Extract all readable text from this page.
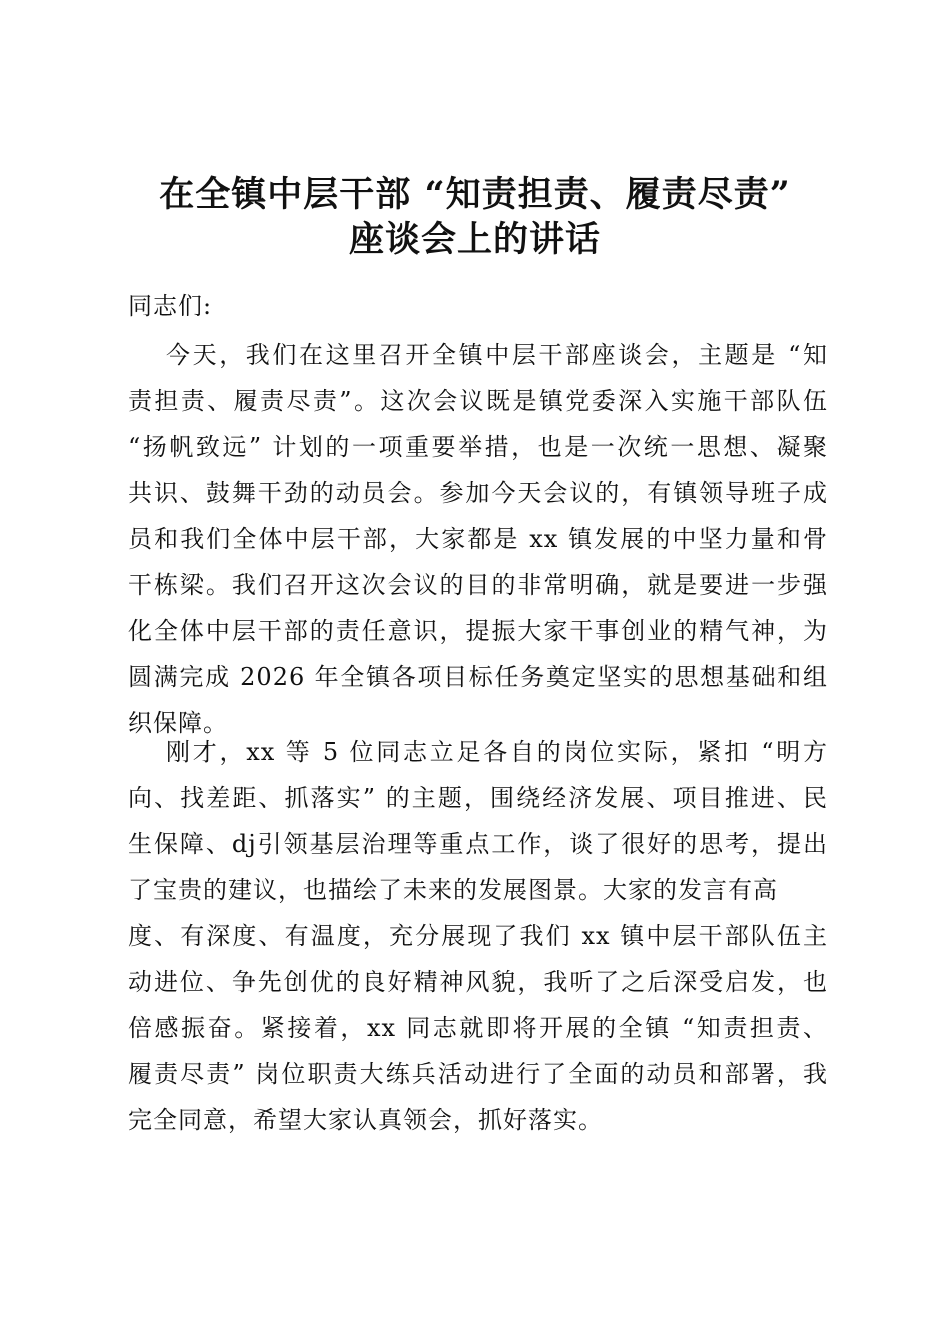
在全镇中层干部 “知责担责、履责尽责”
座谈会上的讲话
同志们:
今天，我们在这里召开全镇中层干部座谈会，主题是 “知
责担责、履责尽责”。这次会议既是镇党委深入实施干部队伍
“扬帆致远” 计划的一项重要举措，也是一次统一思想、凝聚
共识、鼓舞干劲的动员会。参加今天会议的，有镇领导班子成
员和我们全体中层干部，大家都是 xx 镇发展的中坚力量和骨
干栋梁。我们召开这次会议的目的非常明确，就是要进一步强
化全体中层干部的责任意识，提振大家干事创业的精气神，为
圆满完成 2026 年全镇各项目标任务奠定坚实的思想基础和组
织保障。
刚才，xx 等 5 位同志立足各自的岗位实际，紧扣 “明方
向、找差距、抓落实” 的主题，围绕经济发展、项目推进、民
生保障、dj引领基层治理等重点工作，谈了很好的思考，提出
了宝贵的建议，也描绘了未来的发展图景。大家的发言有高
度、有深度、有温度，充分展现了我们 xx 镇中层干部队伍主
动进位、争先创优的良好精神风貌，我听了之后深受启发，也
倍感振奋。紧接着，xx 同志就即将开展的全镇 “知责担责、
履责尽责” 岗位职责大练兵活动进行了全面的动员和部署，我
完全同意，希望大家认真领会，抓好落实。
